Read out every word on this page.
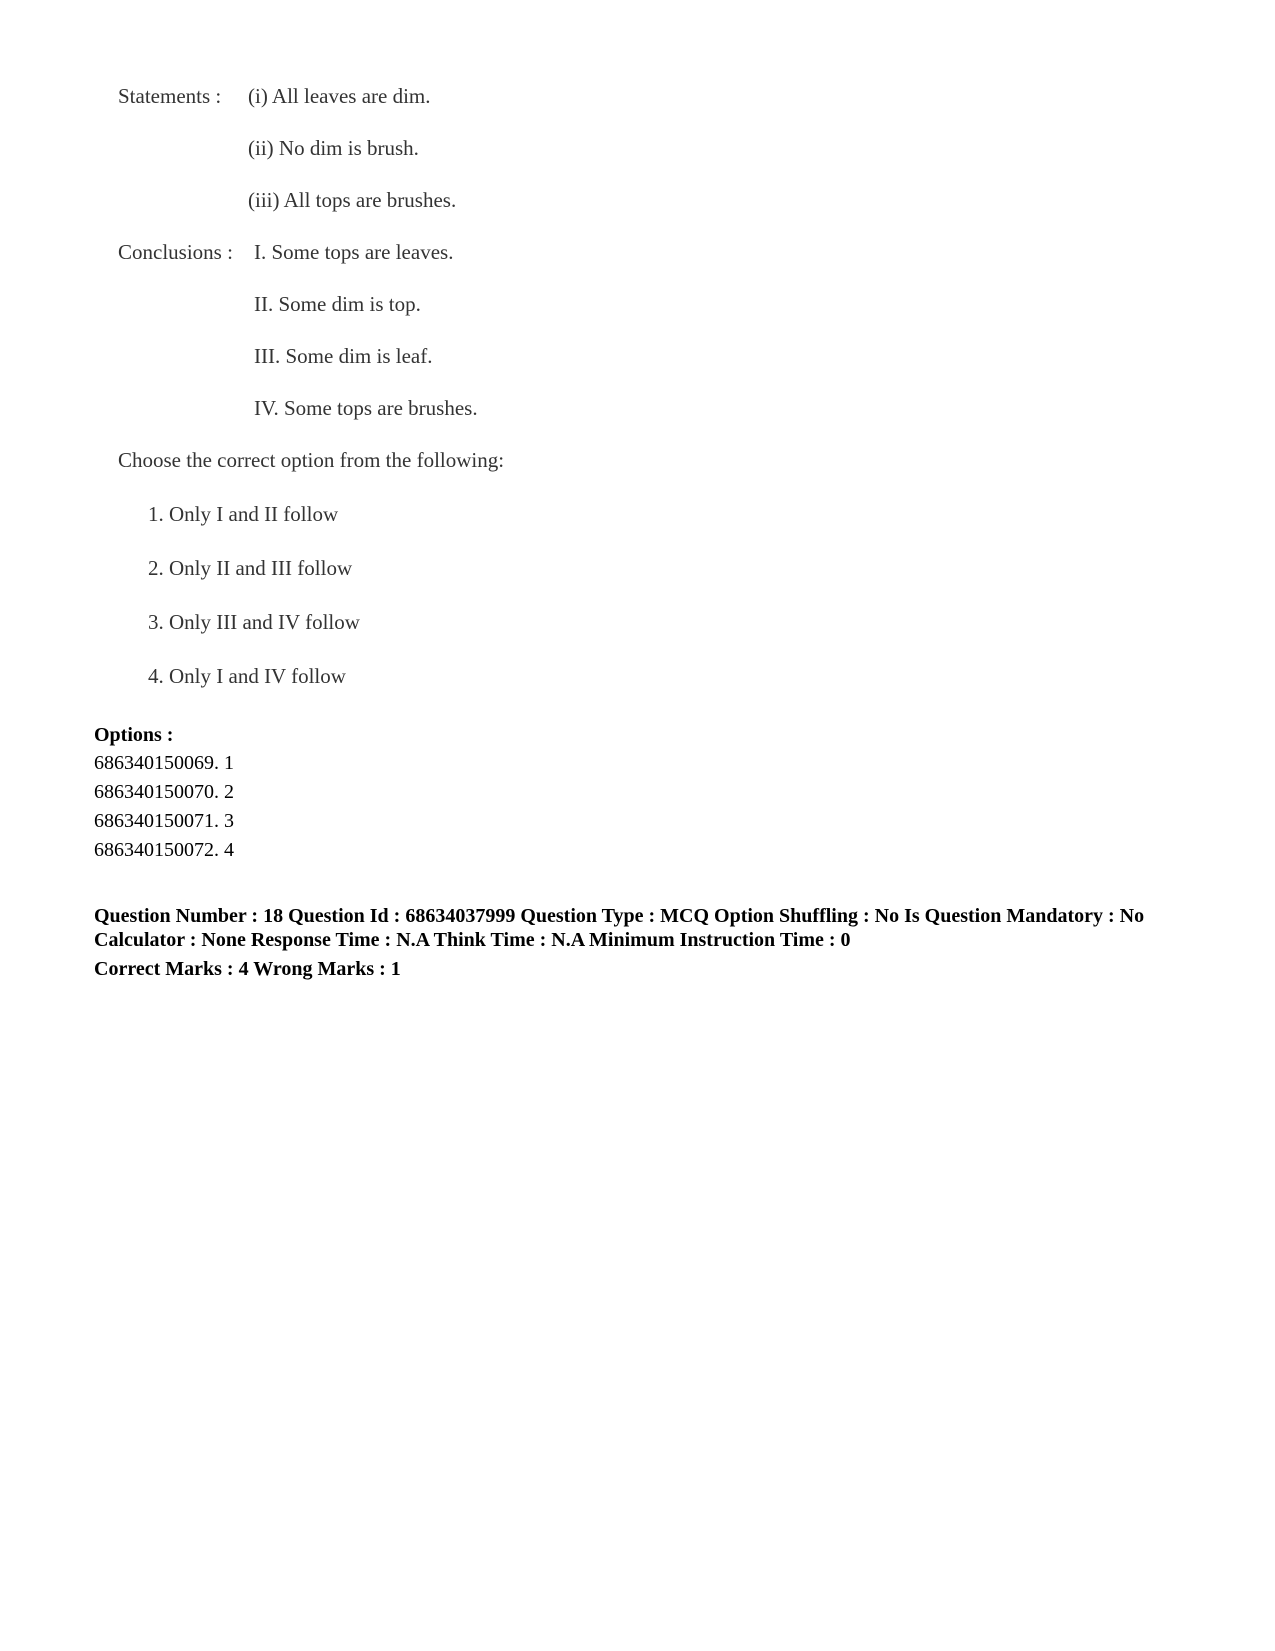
Statements : (i) All leaves are dim.
(ii) No dim is brush.
(iii) All tops are brushes.
Conclusions : I. Some tops are leaves.
II. Some dim is top.
III. Some dim is leaf.
IV. Some tops are brushes.
Choose the correct option from the following:
1. Only I and II follow
2. Only II and III follow
3. Only III and IV follow
4. Only I and IV follow
Options :
686340150069. 1
686340150070. 2
686340150071. 3
686340150072. 4
Question Number : 18 Question Id : 68634037999 Question Type : MCQ Option Shuffling : No Is Question Mandatory : No Calculator : None Response Time : N.A Think Time : N.A Minimum Instruction Time : 0
Correct Marks : 4 Wrong Marks : 1
